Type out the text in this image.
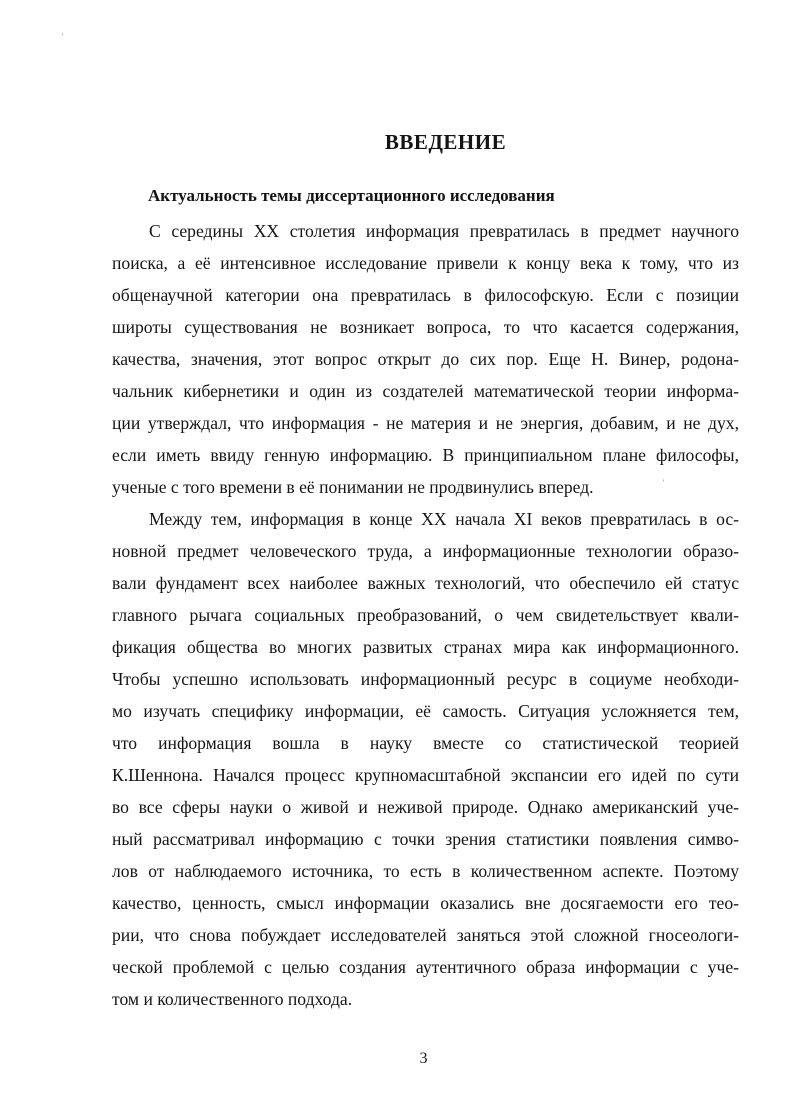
'
'
ВВЕДЕНИЕ
Актуальность темы диссертационного исследования
С середины XX столетия информация превратилась в предмет научного
поиска, а её интенсивное исследование привели к концу века к тому, что из
общенаучной категории она превратилась в философскую. Если с позиции
широты существования не возникает вопроса, то что касается содержания,
качества, значения, этот вопрос открыт до сих пор. Еще Н. Винер, родона-
чальник кибернетики и один из создателей математической теории информа-
ции утверждал, что информация - не материя и не энергия, добавим, и не дух,
если иметь ввиду генную информацию. В принципиальном плане философы,
ученые с того времени в её понимании не продвинулись вперед.
Между тем, информация в конце XX начала XI веков превратилась в ос-
новной предмет человеческого труда, а информационные технологии образо-
вали фундамент всех наиболее важных технологий, что обеспечило ей статус
главного рычага социальных преобразований, о чем свидетельствует квали-
фикация общества во многих развитых странах мира как информационного.
Чтобы успешно использовать информационный ресурс в социуме необходи-
мо изучать специфику информации, её самость. Ситуация усложняется тем,
что информация вошла в науку вместе со статистической теорией
К.Шеннона. Начался процесс крупномасштабной экспансии его идей по сути
во все сферы науки о живой и неживой природе. Однако американский уче-
ный рассматривал информацию с точки зрения статистики появления симво-
лов от наблюдаемого источника, то есть в количественном аспекте. Поэтому
качество, ценность, смысл информации оказались вне досягаемости его тео-
рии, что снова побуждает исследователей заняться этой сложной гносеологи-
ческой проблемой с целью создания аутентичного образа информации с уче-
том и количественного подхода.
3
